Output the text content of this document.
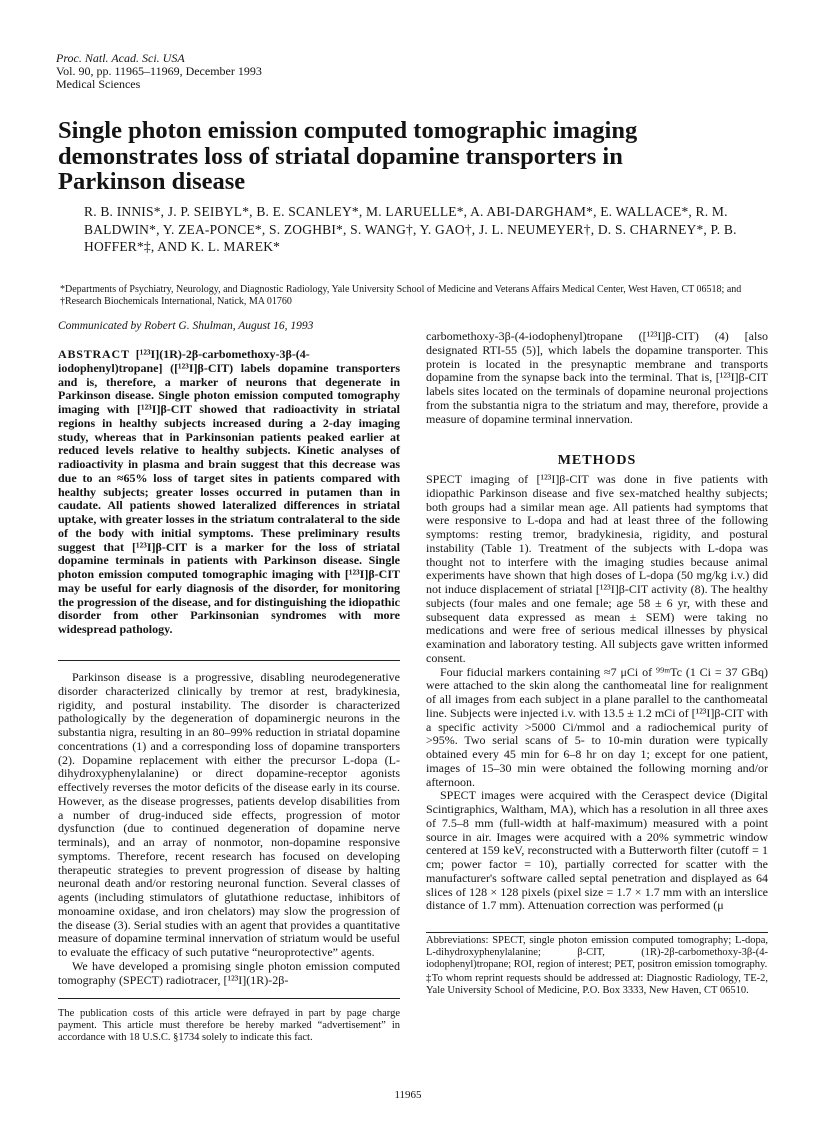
Proc. Natl. Acad. Sci. USA
Vol. 90, pp. 11965–11969, December 1993
Medical Sciences
Single photon emission computed tomographic imaging demonstrates loss of striatal dopamine transporters in Parkinson disease
R. B. INNIS*, J. P. SEIBYL*, B. E. SCANLEY*, M. LARUELLE*, A. ABI-DARGHAM*, E. WALLACE*, R. M. BALDWIN*, Y. ZEA-PONCE*, S. ZOGHBI*, S. WANG†, Y. GAO†, J. L. NEUMEYER†, D. S. CHARNEY*, P. B. HOFFER*‡, AND K. L. MAREK*
*Departments of Psychiatry, Neurology, and Diagnostic Radiology, Yale University School of Medicine and Veterans Affairs Medical Center, West Haven, CT 06518; and †Research Biochemicals International, Natick, MA 01760
Communicated by Robert G. Shulman, August 16, 1993
ABSTRACT [¹²³I](1R)-2β-carbomethoxy-3β-(4-iodophenyl)tropane] ([¹²³I]β-CIT) labels dopamine transporters and is, therefore, a marker of neurons that degenerate in Parkinson disease. Single photon emission computed tomography imaging with [¹²³I]β-CIT showed that radioactivity in striatal regions in healthy subjects increased during a 2-day imaging study, whereas that in Parkinsonian patients peaked earlier at reduced levels relative to healthy subjects. Kinetic analyses of radioactivity in plasma and brain suggest that this decrease was due to an ≈65% loss of target sites in patients compared with healthy subjects; greater losses occurred in putamen than in caudate. All patients showed lateralized differences in striatal uptake, with greater losses in the striatum contralateral to the side of the body with initial symptoms. These preliminary results suggest that [¹²³I]β-CIT is a marker for the loss of striatal dopamine terminals in patients with Parkinson disease. Single photon emission computed tomographic imaging with [¹²³I]β-CIT may be useful for early diagnosis of the disorder, for monitoring the progression of the disease, and for distinguishing the idiopathic disorder from other Parkinsonian syndromes with more widespread pathology.

Parkinson disease is a progressive, disabling neurodegenerative disorder characterized clinically by tremor at rest, bradykinesia, rigidity, and postural instability. The disorder is characterized pathologically by the degeneration of dopaminergic neurons in the substantia nigra, resulting in an 80–99% reduction in striatal dopamine concentrations (1) and a corresponding loss of dopamine transporters (2). Dopamine replacement with either the precursor L-dopa (L-dihydroxyphenylalanine) or direct dopamine-receptor agonists effectively reverses the motor deficits of the disease early in its course. However, as the disease progresses, patients develop disabilities from a number of drug-induced side effects, progression of motor dysfunction (due to continued degeneration of dopamine nerve terminals), and an array of nonmotor, non-dopamine responsive symptoms. Therefore, recent research has focused on developing therapeutic strategies to prevent progression of disease by halting neuronal death and/or restoring neuronal function. Several classes of agents (including stimulators of glutathione reductase, inhibitors of monoamine oxidase, and iron chelators) may slow the progression of the disease (3). Serial studies with an agent that provides a quantitative measure of dopamine terminal innervation of striatum would be useful to evaluate the efficacy of such putative “neuroprotective” agents.

We have developed a promising single photon emission computed tomography (SPECT) radiotracer, [¹²³I](1R)-2β-

The publication costs of this article were defrayed in part by page charge payment. This article must therefore be hereby marked “advertisement” in accordance with 18 U.S.C. §1734 solely to indicate this fact.

carbomethoxy-3β-(4-iodophenyl)tropane ([¹²³I]β-CIT) (4) [also designated RTI-55 (5)], which labels the dopamine transporter. This protein is located in the presynaptic membrane and transports dopamine from the synapse back into the terminal. That is, [¹²³I]β-CIT labels sites located on the terminals of dopamine neuronal projections from the substantia nigra to the striatum and may, therefore, provide a measure of dopamine terminal innervation.

METHODS

SPECT imaging of [¹²³I]β-CIT was done in five patients with idiopathic Parkinson disease and five sex-matched healthy subjects; both groups had a similar mean age. All patients had symptoms that were responsive to L-dopa and had at least three of the following symptoms: resting tremor, bradykinesia, rigidity, and postural instability (Table 1). Treatment of the subjects with L-dopa was thought not to interfere with the imaging studies because animal experiments have shown that high doses of L-dopa (50 mg/kg i.v.) did not induce displacement of striatal [¹²³I]β-CIT activity (8). The healthy subjects (four males and one female; age 58 ± 6 yr, with these and subsequent data expressed as mean ± SEM) were taking no medications and were free of serious medical illnesses by physical examination and laboratory testing. All subjects gave written informed consent.

Four fiducial markers containing ≈7 μCi of ⁹⁹ᵐTc (1 Ci = 37 GBq) were attached to the skin along the canthomeatal line for realignment of all images from each subject in a plane parallel to the canthomeatal line. Subjects were injected i.v. with 13.5 ± 1.2 mCi of [¹²³I]β-CIT with a specific activity >5000 Ci/mmol and a radiochemical purity of >95%. Two serial scans of 5- to 10-min duration were typically obtained every 45 min for 6–8 hr on day 1; except for one patient, images of 15–30 min were obtained the following morning and/or afternoon.

SPECT images were acquired with the Ceraspect device (Digital Scintigraphics, Waltham, MA), which has a resolution in all three axes of 7.5–8 mm (full-width at half-maximum) measured with a point source in air. Images were acquired with a 20% symmetric window centered at 159 keV, reconstructed with a Butterworth filter (cutoff = 1 cm; power factor = 10), partially corrected for scatter with the manufacturer's software called septal penetration and displayed as 64 slices of 128 × 128 pixels (pixel size = 1.7 × 1.7 mm with an interslice distance of 1.7 mm). Attenuation correction was performed (μ

Abbreviations: SPECT, single photon emission computed tomography; L-dopa, L-dihydroxyphenylalanine; β-CIT, (1R)-2β-carbomethoxy-3β-(4-iodophenyl)tropane; ROI, region of interest; PET, positron emission tomography.

‡To whom reprint requests should be addressed at: Diagnostic Radiology, TE-2, Yale University School of Medicine, P.O. Box 3333, New Haven, CT 06510.

11965
